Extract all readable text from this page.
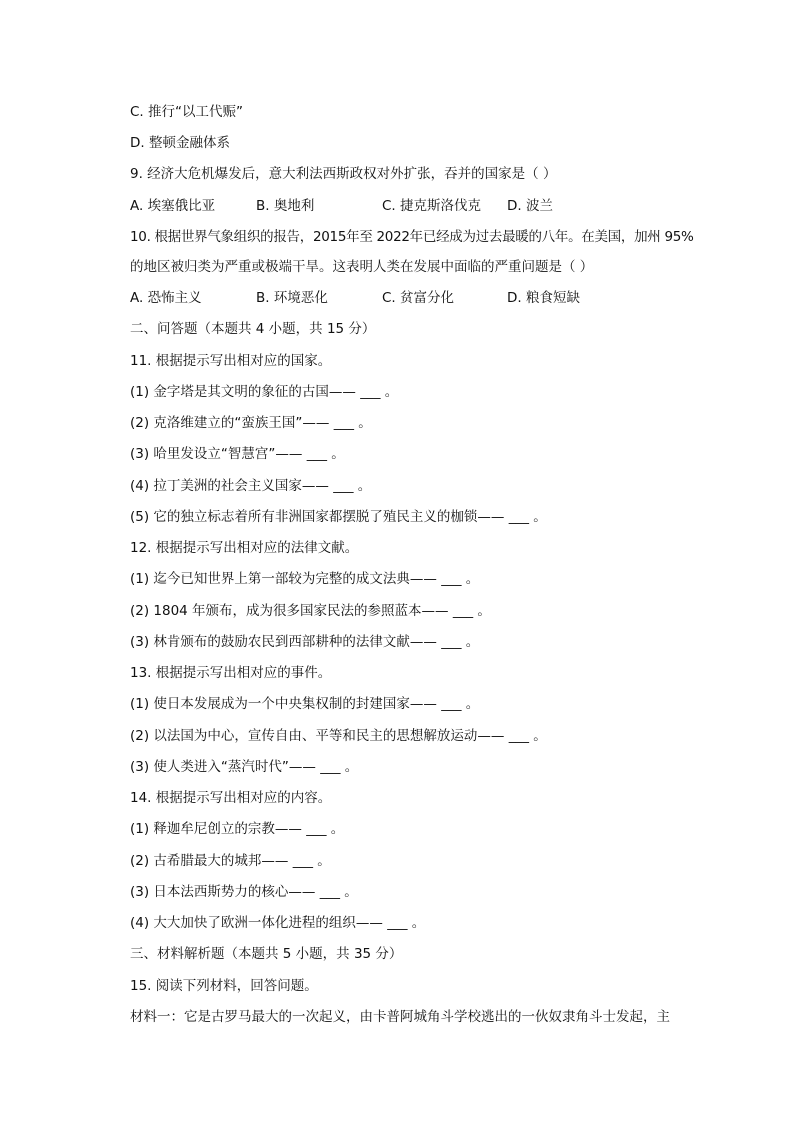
C. 推行“以工代赈”
D. 整顿金融体系
9. 经济大危机爆发后，意大利法西斯政权对外扩张，吞并的国家是（ ）
A. 埃塞俄比亚	B. 奥地利	C. 捷克斯洛伐克 D. 波兰
10. 根据世界气象组织的报告，2015年至 2022年已经成为过去最暖的八年。在美国，加州 95%
的地区被归类为严重或极端干旱。这表明人类在发展中面临的严重问题是（ ）
A. 恐怖主义	B. 环境恶化	C. 贫富分化	D. 粮食短缺
二、问答题（本题共 4 小题，共 15 分）
11. 根据提示写出相对应的国家。
(1) 金字塔是其文明的象征的古国—— ___ 。
(2) 克洛维建立的“蛮族王国”—— ___ 。
(3) 哈里发设立“智慧宫”—— ___ 。
(4) 拉丁美洲的社会主义国家—— ___ 。
(5) 它的独立标志着所有非洲国家都摆脱了殖民主义的枷锁—— ___ 。
12. 根据提示写出相对应的法律文献。
(1) 迄今已知世界上第一部较为完整的成文法典—— ___ 。
(2) 1804 年颁布，成为很多国家民法的参照蓝本—— ___ 。
(3) 林肯颁布的鼓励农民到西部耕种的法律文献—— ___ 。
13. 根据提示写出相对应的事件。
(1) 使日本发展成为一个中央集权制的封建国家—— ___ 。
(2) 以法国为中心，宣传自由、平等和民主的思想解放运动—— ___ 。
(3) 使人类进入“蒸汽时代”—— ___ 。
14. 根据提示写出相对应的内容。
(1) 释迦牟尼创立的宗教—— ___ 。
(2) 古希腊最大的城邦—— ___ 。
(3) 日本法西斯势力的核心—— ___ 。
(4) 大大加快了欧洲一体化进程的组织—— ___ 。
三、材料解析题（本题共 5 小题，共 35 分）
15. 阅读下列材料，回答问题。
材料一：它是古罗马最大的一次起义，由卡普阿城角斗学校逃出的一伙奴隶角斗士发起，主
